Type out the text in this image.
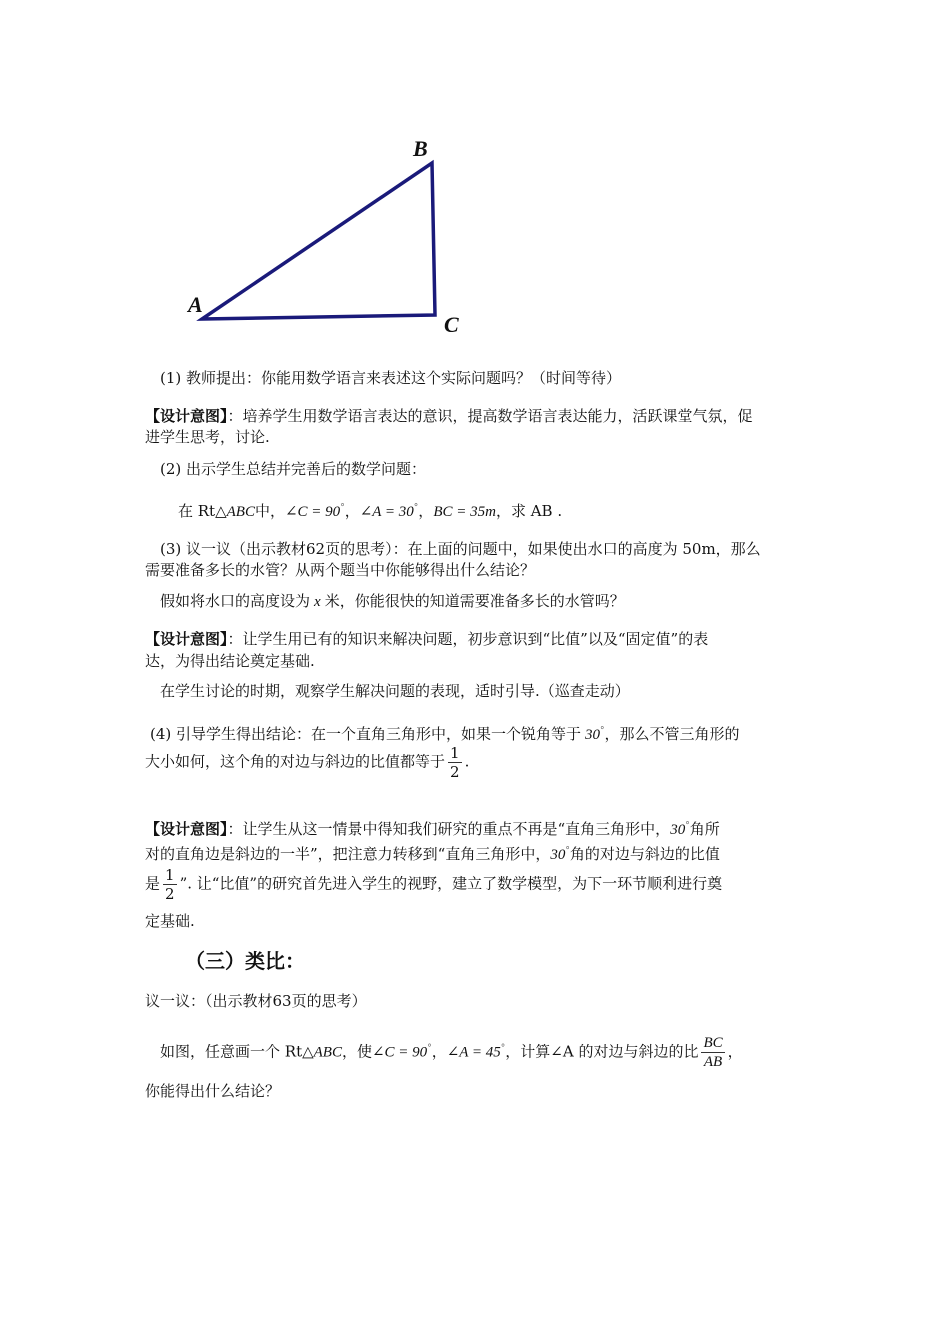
A
B
C
(1) 教师提出：你能用数学语言来表述这个实际问题吗？（时间等待）
【设计意图】：培养学生用数学语言表达的意识，提高数学语言表达能力，活跃课堂气氛，促
进学生思考，讨论.
(2) 出示学生总结并完善后的数学问题：
在 Rt△ABC中，∠C = 90°，∠A = 30°，BC = 35m，求 AB .
(3) 议一议（出示教材62页的思考）：在上面的问题中，如果使出水口的高度为 50m，那么
需要准备多长的水管？从两个题当中你能够得出什么结论？
假如将水口的高度设为 x 米，你能很快的知道需要准备多长的水管吗？
【设计意图】：让学生用已有的知识来解决问题，初步意识到“比值”以及“固定值”的表
达，为得出结论奠定基础.
在学生讨论的时期，观察学生解决问题的表现，适时引导.（巡查走动）
(4) 引导学生得出结论：在一个直角三角形中，如果一个锐角等于 30°，那么不管三角形的
大小如何，这个角的对边与斜边的比值都等于 $\frac{1}{2}$ .
【设计意图】：让学生从这一情景中得知我们研究的重点不再是“直角三角形中，30°角所
对的直角边是斜边的一半”，把注意力转移到“直角三角形中，30°角的对边与斜边的比值
是 $\frac{1}{2}$ ”. 让“比值”的研究首先进入学生的视野，建立了数学模型，为下一环节顺利进行奠
定基础.
（三）类比：
议一议：（出示教材63页的思考）
如图，任意画一个 Rt△ABC，使∠C = 90°，∠A = 45°，计算∠A 的对边与斜边的比 $\frac{BC}{AB}$ ，
你能得出什么结论？
